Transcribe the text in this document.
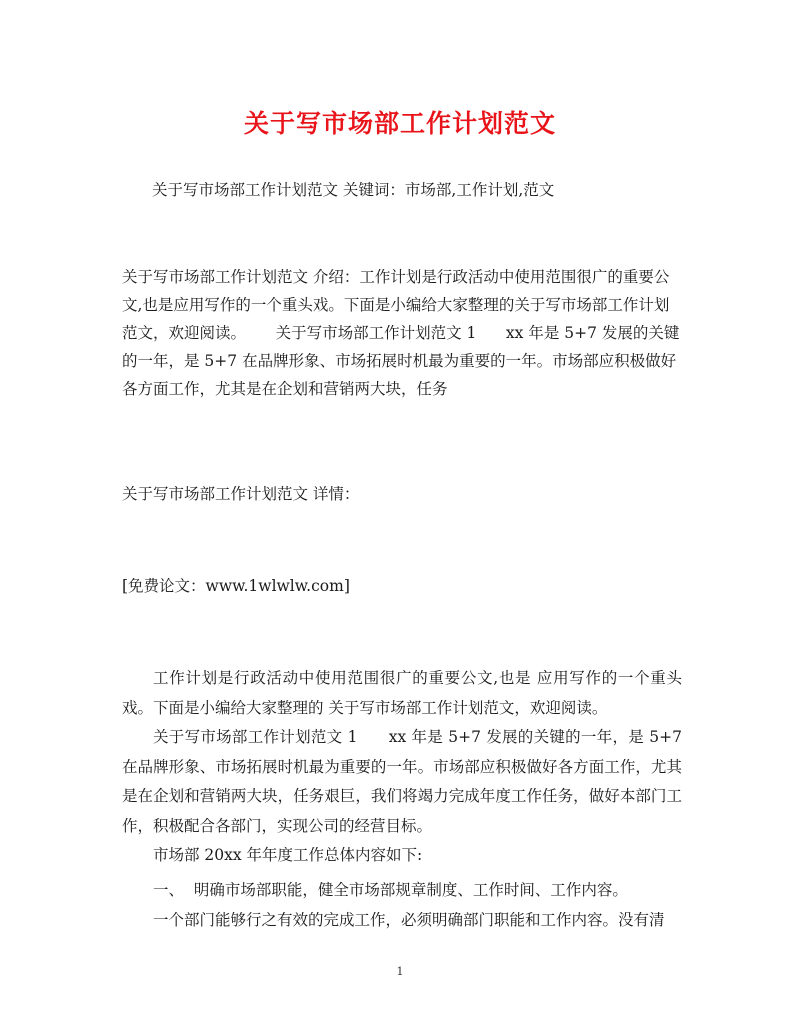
关于写市场部工作计划范文
关于写市场部工作计划范文 关键词：市场部,工作计划,范文

关于写市场部工作计划范文 介绍：工作计划是行政活动中使用范围很广的重要公

文,也是应用写作的一个重头戏。下面是小编给大家整理的关于写市场部工作计划

范文，欢迎阅读。      关于写市场部工作计划范文 1      xx 年是 5+7 发展的关键

的一年，是 5+7 在品牌形象、市场拓展时机最为重要的一年。市场部应积极做好

各方面工作，尤其是在企划和营销两大块，任务

关于写市场部工作计划范文 详情：
[免费论文：www.1wlwlw.com]
工作计划是行政活动中使用范围很广的重要公文,也是 应用写作的一个重头戏。下面是小编给大家整理的 关于写市场部工作计划范文，欢迎阅读。
关于写市场部工作计划范文 1      xx 年是 5+7 发展的关键的一年，是 5+7 在品牌形象、市场拓展时机最为重要的一年。市场部应积极做好各方面工作，尤其是在企划和营销两大块，任务艰巨，我们将竭力完成年度工作任务，做好本部门工作，积极配合各部门，实现公司的经营目标。
市场部 20xx 年年度工作总体内容如下:
一、  明确市场部职能，健全市场部规章制度、工作时间、工作内容。
一个部门能够行之有效的完成工作，必须明确部门职能和工作内容。没有清
1
